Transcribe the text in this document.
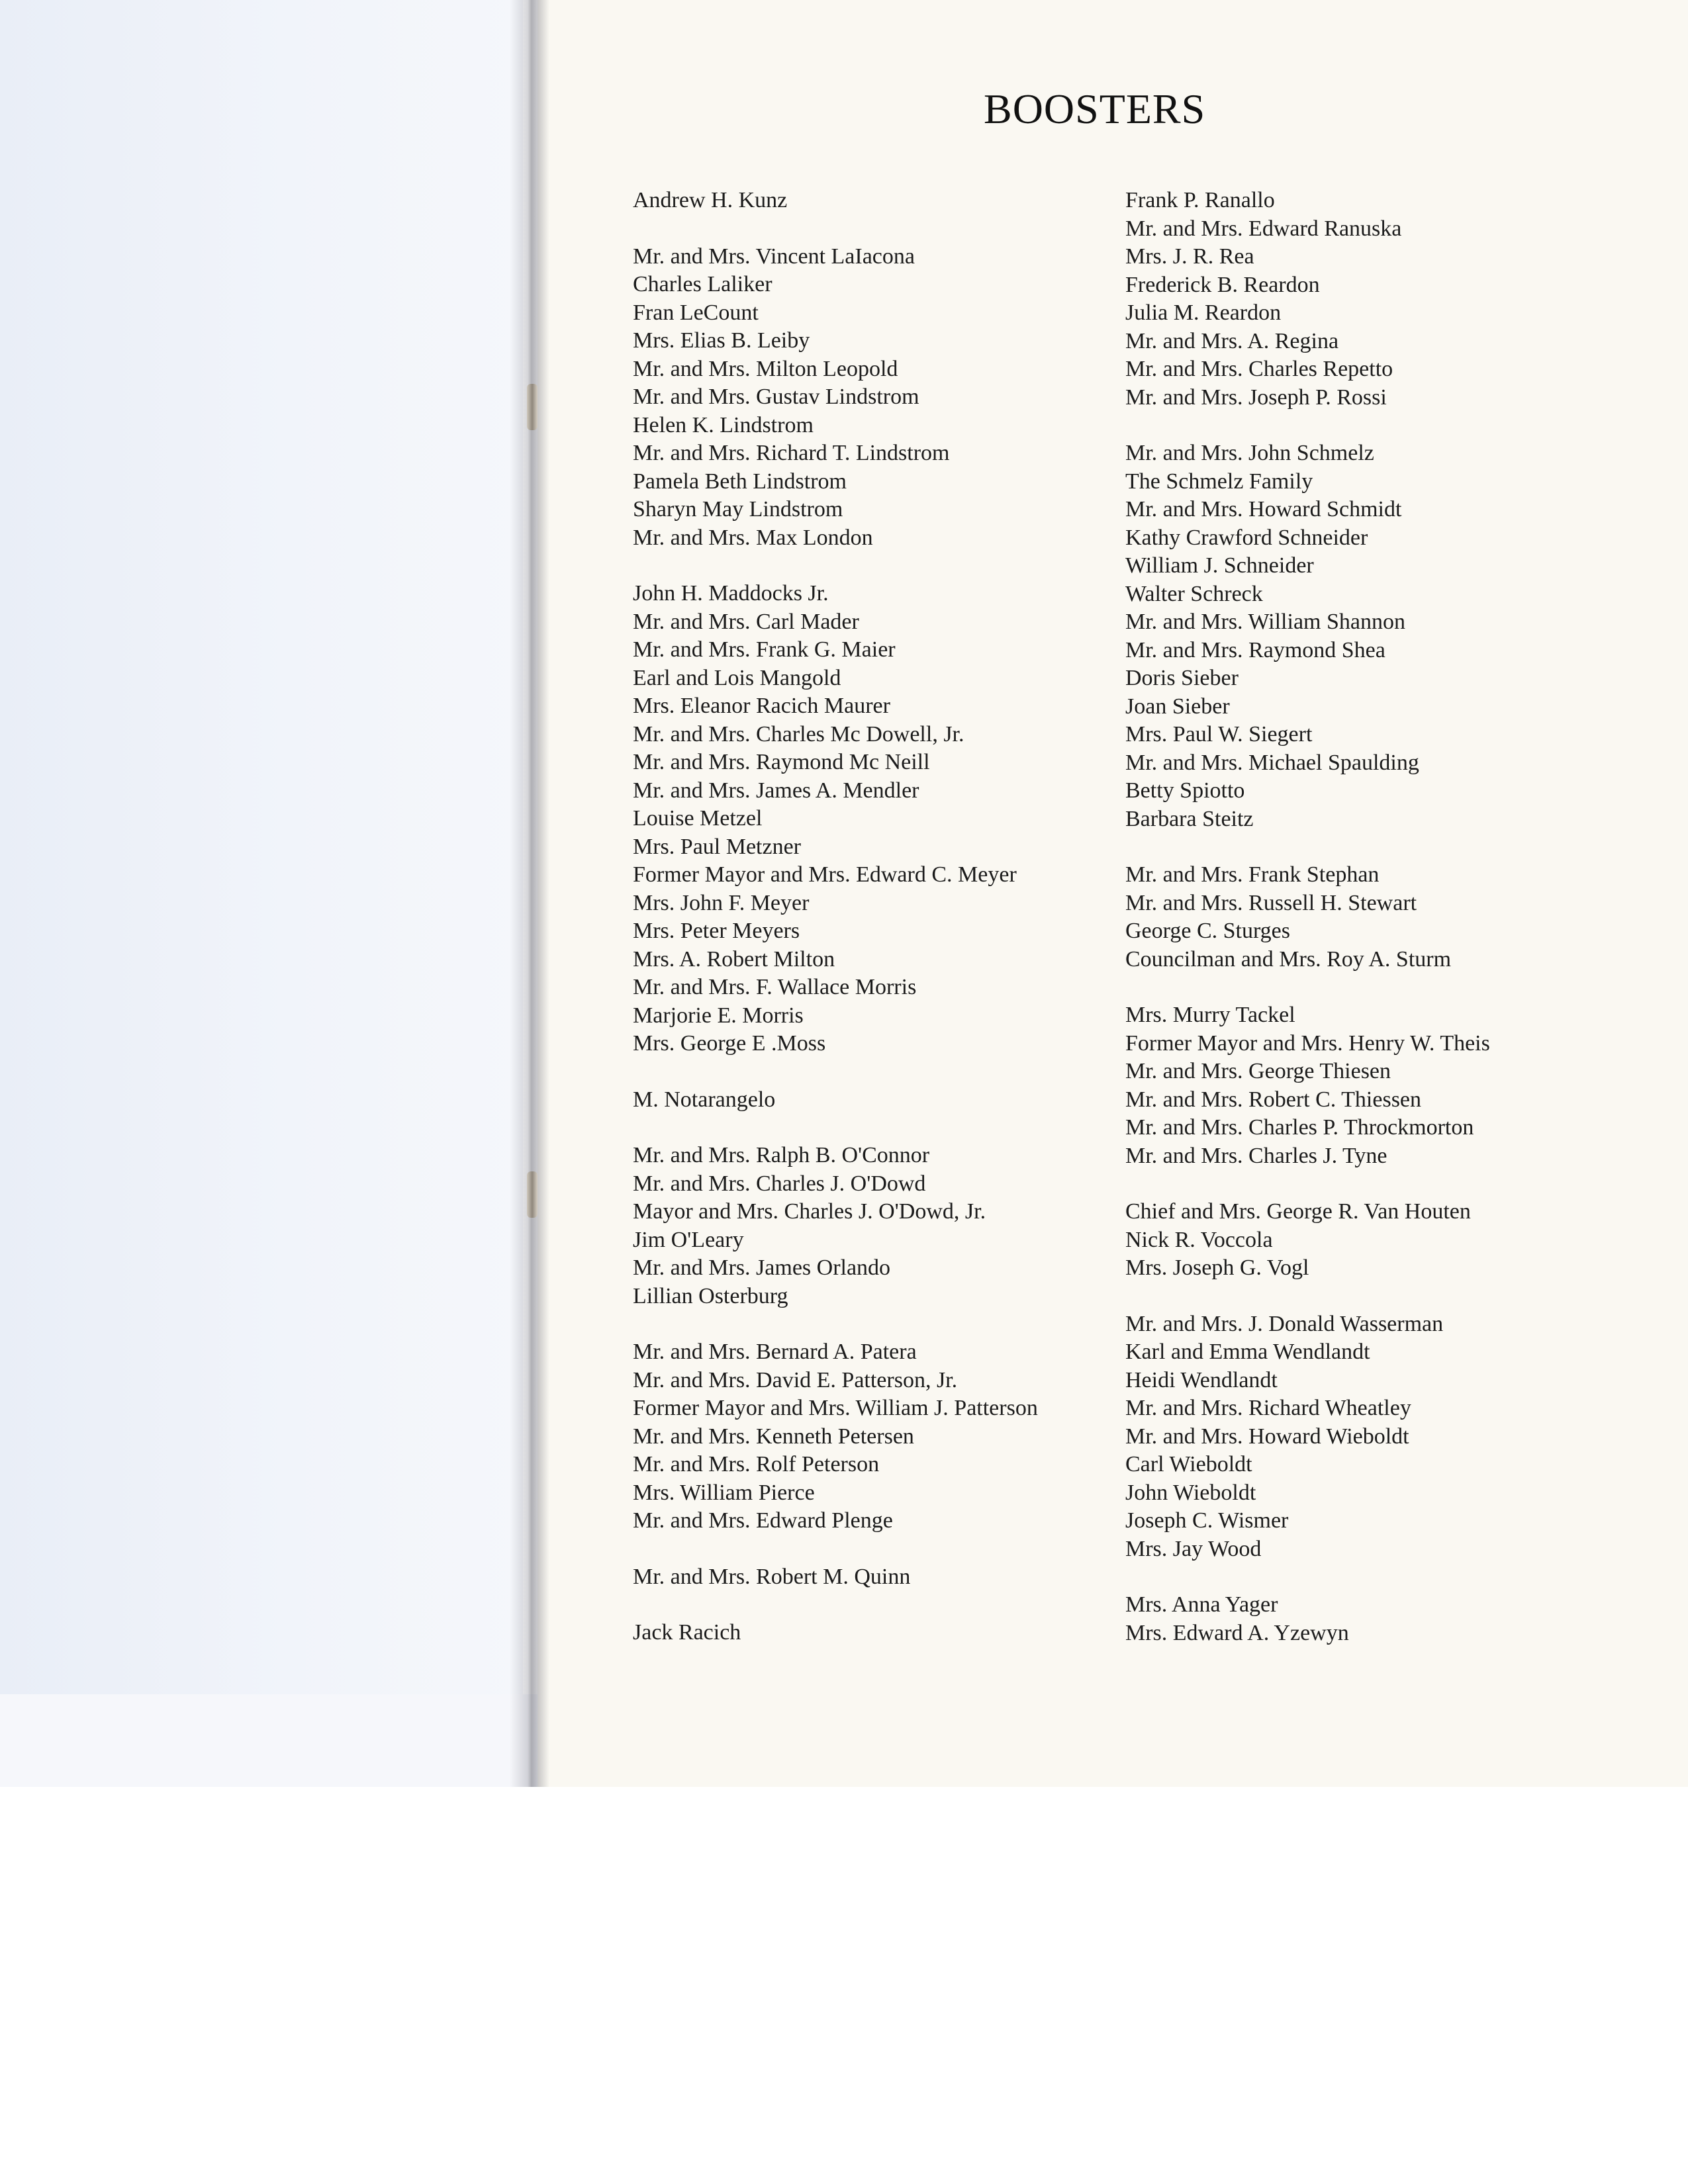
BOOSTERS
Andrew H. Kunz
Mr. and Mrs. Vincent LaIacona
Charles Laliker
Fran LeCount
Mrs. Elias B. Leiby
Mr. and Mrs. Milton Leopold
Mr. and Mrs. Gustav Lindstrom
Helen K. Lindstrom
Mr. and Mrs. Richard T. Lindstrom
Pamela Beth Lindstrom
Sharyn May Lindstrom
Mr. and Mrs. Max London
John H. Maddocks Jr.
Mr. and Mrs. Carl Mader
Mr. and Mrs. Frank G. Maier
Earl and Lois Mangold
Mrs. Eleanor Racich Maurer
Mr. and Mrs. Charles Mc Dowell, Jr.
Mr. and Mrs. Raymond Mc Neill
Mr. and Mrs. James A. Mendler
Louise Metzel
Mrs. Paul Metzner
Former Mayor and Mrs. Edward C. Meyer
Mrs. John F. Meyer
Mrs. Peter Meyers
Mrs. A. Robert Milton
Mr. and Mrs. F. Wallace Morris
Marjorie E. Morris
Mrs. George E .Moss
M. Notarangelo
Mr. and Mrs. Ralph B. O'Connor
Mr. and Mrs. Charles J. O'Dowd
Mayor and Mrs. Charles J. O'Dowd, Jr.
Jim O'Leary
Mr. and Mrs. James Orlando
Lillian Osterburg
Mr. and Mrs. Bernard A. Patera
Mr. and Mrs. David E. Patterson, Jr.
Former Mayor and Mrs. William J. Patterson
Mr. and Mrs. Kenneth Petersen
Mr. and Mrs. Rolf Peterson
Mrs. William Pierce
Mr. and Mrs. Edward Plenge
Mr. and Mrs. Robert M. Quinn
Jack Racich
Frank P. Ranallo
Mr. and Mrs. Edward Ranuska
Mrs. J. R. Rea
Frederick B. Reardon
Julia M. Reardon
Mr. and Mrs. A. Regina
Mr. and Mrs. Charles Repetto
Mr. and Mrs. Joseph P. Rossi
Mr. and Mrs. John Schmelz
The Schmelz Family
Mr. and Mrs. Howard Schmidt
Kathy Crawford Schneider
William J. Schneider
Walter Schreck
Mr. and Mrs. William Shannon
Mr. and Mrs. Raymond Shea
Doris Sieber
Joan Sieber
Mrs. Paul W. Siegert
Mr. and Mrs. Michael Spaulding
Betty Spiotto
Barbara Steitz
Mr. and Mrs. Frank Stephan
Mr. and Mrs. Russell H. Stewart
George C. Sturges
Councilman and Mrs. Roy A. Sturm
Mrs. Murry Tackel
Former Mayor and Mrs. Henry W. Theis
Mr. and Mrs. George Thiesen
Mr. and Mrs. Robert C. Thiessen
Mr. and Mrs. Charles P. Throckmorton
Mr. and Mrs. Charles J. Tyne
Chief and Mrs. George R. Van Houten
Nick R. Voccola
Mrs. Joseph G. Vogl
Mr. and Mrs. J. Donald Wasserman
Karl and Emma Wendlandt
Heidi Wendlandt
Mr. and Mrs. Richard Wheatley
Mr. and Mrs. Howard Wieboldt
Carl Wieboldt
John Wieboldt
Joseph C. Wismer
Mrs. Jay Wood
Mrs. Anna Yager
Mrs. Edward A. Yzewyn
